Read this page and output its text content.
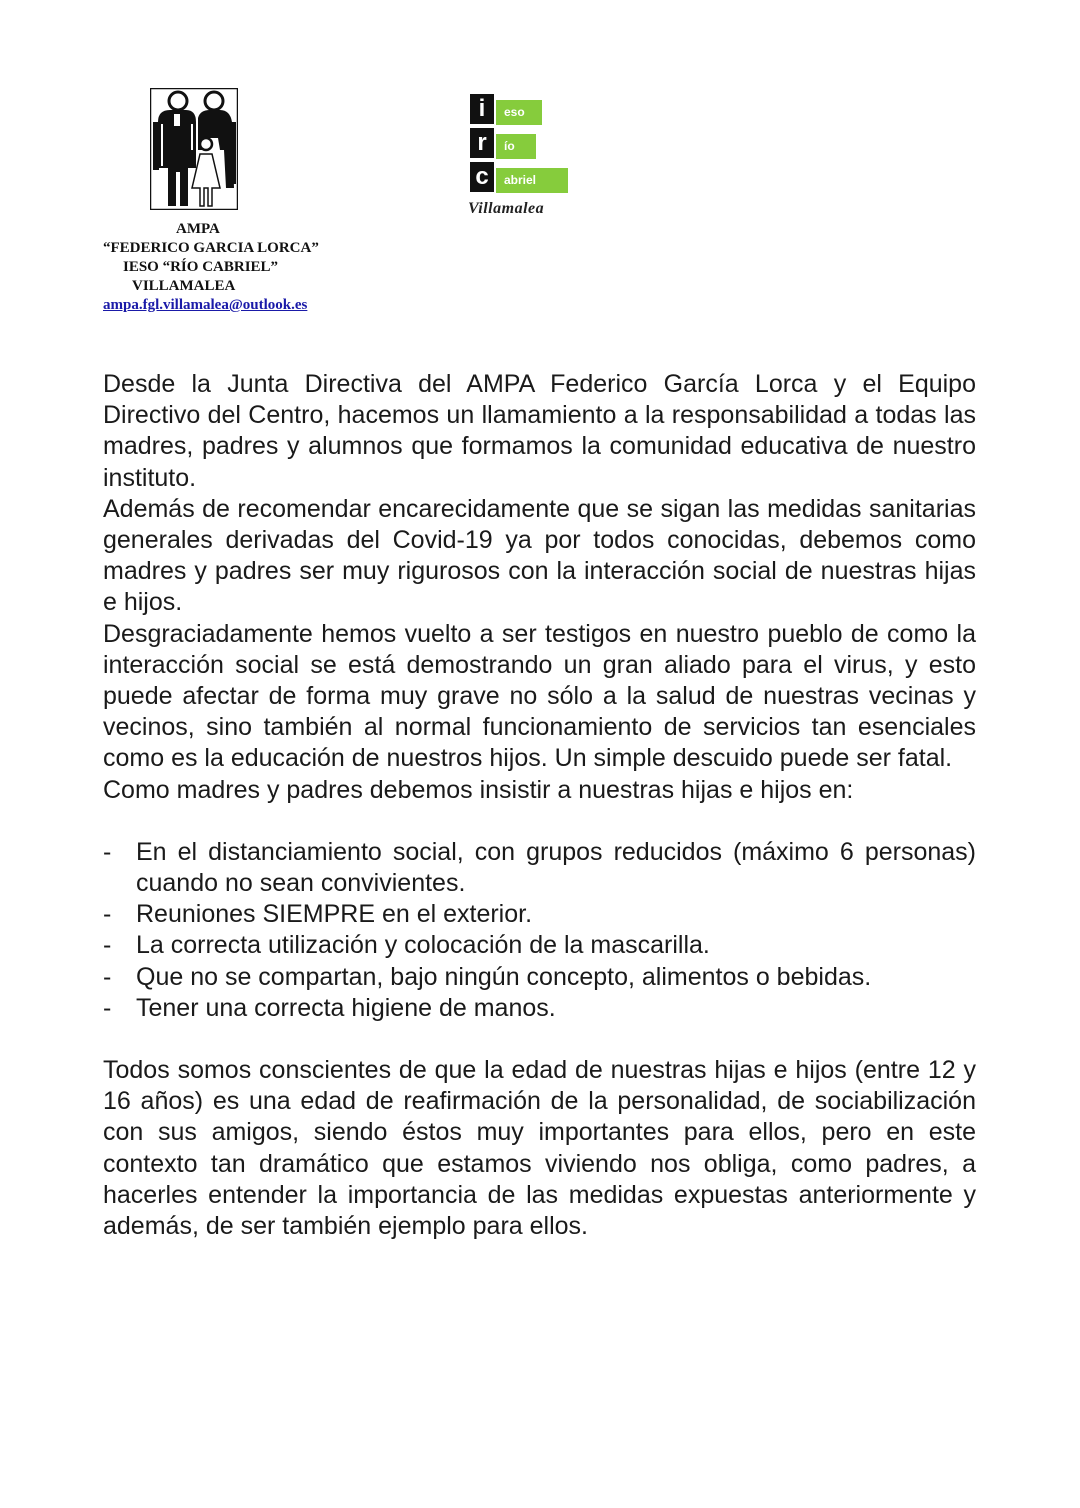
AMPA
“FEDERICO GARCIA LORCA”
IESO “RÍO CABRIEL”
VILLAMALEA
ampa.fgl.villamalea@outlook.es
i
r
c
eso
ío
abriel
Villamalea

Desde la Junta Directiva del AMPA Federico García Lorca y el Equipo Directivo del Centro, hacemos un llamamiento a la responsabilidad a todas las madres, padres y alumnos que formamos la comunidad educativa de nuestro instituto.

Además de recomendar encarecidamente que se sigan las medidas sanitarias generales derivadas del Covid-19 ya por todos conocidas, debemos como madres y padres ser muy rigurosos con la interacción social de nuestras hijas e hijos.

Desgraciadamente hemos vuelto a ser testigos en nuestro pueblo de como la interacción social se está demostrando un gran aliado para el virus, y esto puede afectar de forma muy grave no sólo a la salud de nuestras vecinas y vecinos, sino también al normal funcionamiento de servicios tan esenciales como es la educación de nuestros hijos. Un simple descuido puede ser fatal.

Como madres y padres debemos insistir a nuestras hijas e hijos en:

- En el distanciamiento social, con grupos reducidos (máximo 6 personas) cuando no sean convivientes.
- Reuniones SIEMPRE en el exterior.
- La correcta utilización y colocación de la mascarilla.
- Que no se compartan, bajo ningún concepto, alimentos o bebidas.
- Tener una correcta higiene de manos.

Todos somos conscientes de que la edad de nuestras hijas e hijos (entre 12 y 16 años) es una edad de reafirmación de la personalidad, de sociabilización con sus amigos, siendo éstos muy importantes para ellos, pero en este contexto tan dramático que estamos viviendo nos obliga, como padres, a hacerles entender la importancia de las medidas expuestas anteriormente y además, de ser también ejemplo para ellos.
